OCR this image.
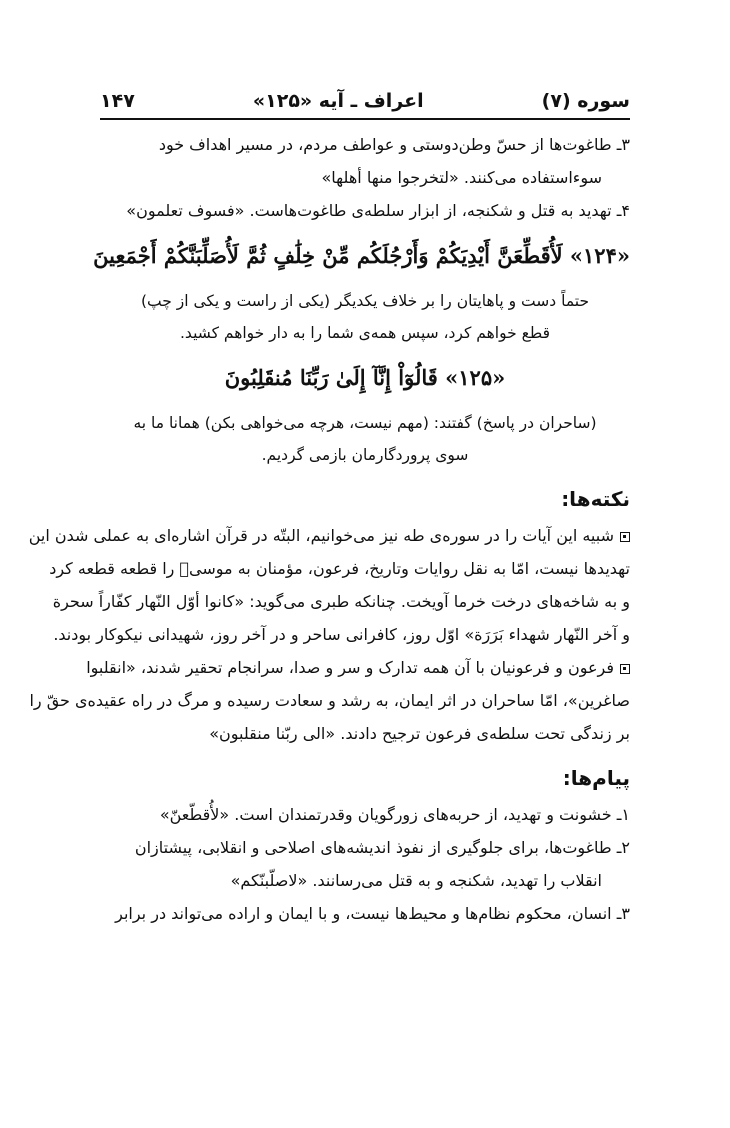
سوره (۷)
اعراف ـ آیه «۱۲۵»
۱۴۷
۳ـ طاغوت‌ها از حسّ وطن‌دوستی و عواطف مردم، در مسیر اهداف خود
سوءاستفاده می‌کنند. «لتخرجوا منها أهلها»
۴ـ تهدید به قتل و شکنجه، از ابزار سلطه‌ی طاغوت‌هاست. «فسوف تعلمون»
«۱۲۴» لَأُقَطِّعَنَّ أَيْدِيَكُمْ وَأَرْجُلَكُم مِّنْ خِلَٰفٍ ثُمَّ لَأُصَلِّبَنَّكُمْ أَجْمَعِينَ
حتماً دست و پاهایتان را بر خلاف یکدیگر (یکی از راست و یکی از چپ)
قطع خواهم کرد، سپس همه‌ی شما را به دار خواهم کشید.
«۱۲۵» قَالُوٓاْ إِنَّآ إِلَىٰ رَبِّنَا مُنقَلِبُونَ
(ساحران در پاسخ) گفتند: (مهم نیست، هرچه می‌خواهی بکن) همانا ما به
سوی پروردگارمان بازمی گردیم.
نکته‌ها:
شبیه این آیات را در سوره‌ی طه نیز می‌خوانیم، البتّه در قرآن اشاره‌ای به عملی شدن این
تهدیدها نیست، امّا به نقل روایات وتاریخ، فرعون، مؤمنان به موسیؑ را قطعه قطعه کرد
و به شاخه‌های درخت خرما آویخت. چنانکه طبری می‌گوید: «کانوا أوّل النّهار کفّاراً سحرة
و آخر النّهار شهداء بَرَرَة» اوّل روز، کافرانی ساحر و در آخر روز، شهیدانی نیکوکار بودند.
فرعون و فرعونیان با آن همه تدارک و سر و صدا، سرانجام تحقیر شدند، «انقلبوا
صاغرین»، امّا ساحران در اثر ایمان، به رشد و سعادت رسیده و مرگ در راه عقیده‌ی حقّ را
بر زندگی تحت سلطه‌ی فرعون ترجیح دادند. «الی ربّنا منقلبون»
پیام‌ها:
۱ـ خشونت و تهدید، از حربه‌های زورگویان وقدرتمندان است. «لأُقطّعنّ»
۲ـ طاغوت‌ها، برای جلوگیری از نفوذ اندیشه‌های اصلاحی و انقلابی، پیشتازان
انقلاب را تهدید، شکنجه و به قتل می‌رسانند. «لاصلّبنّکم»
۳ـ انسان، محکوم نظام‌ها و محیط‌ها نیست، و با ایمان و اراده می‌تواند در برابر
